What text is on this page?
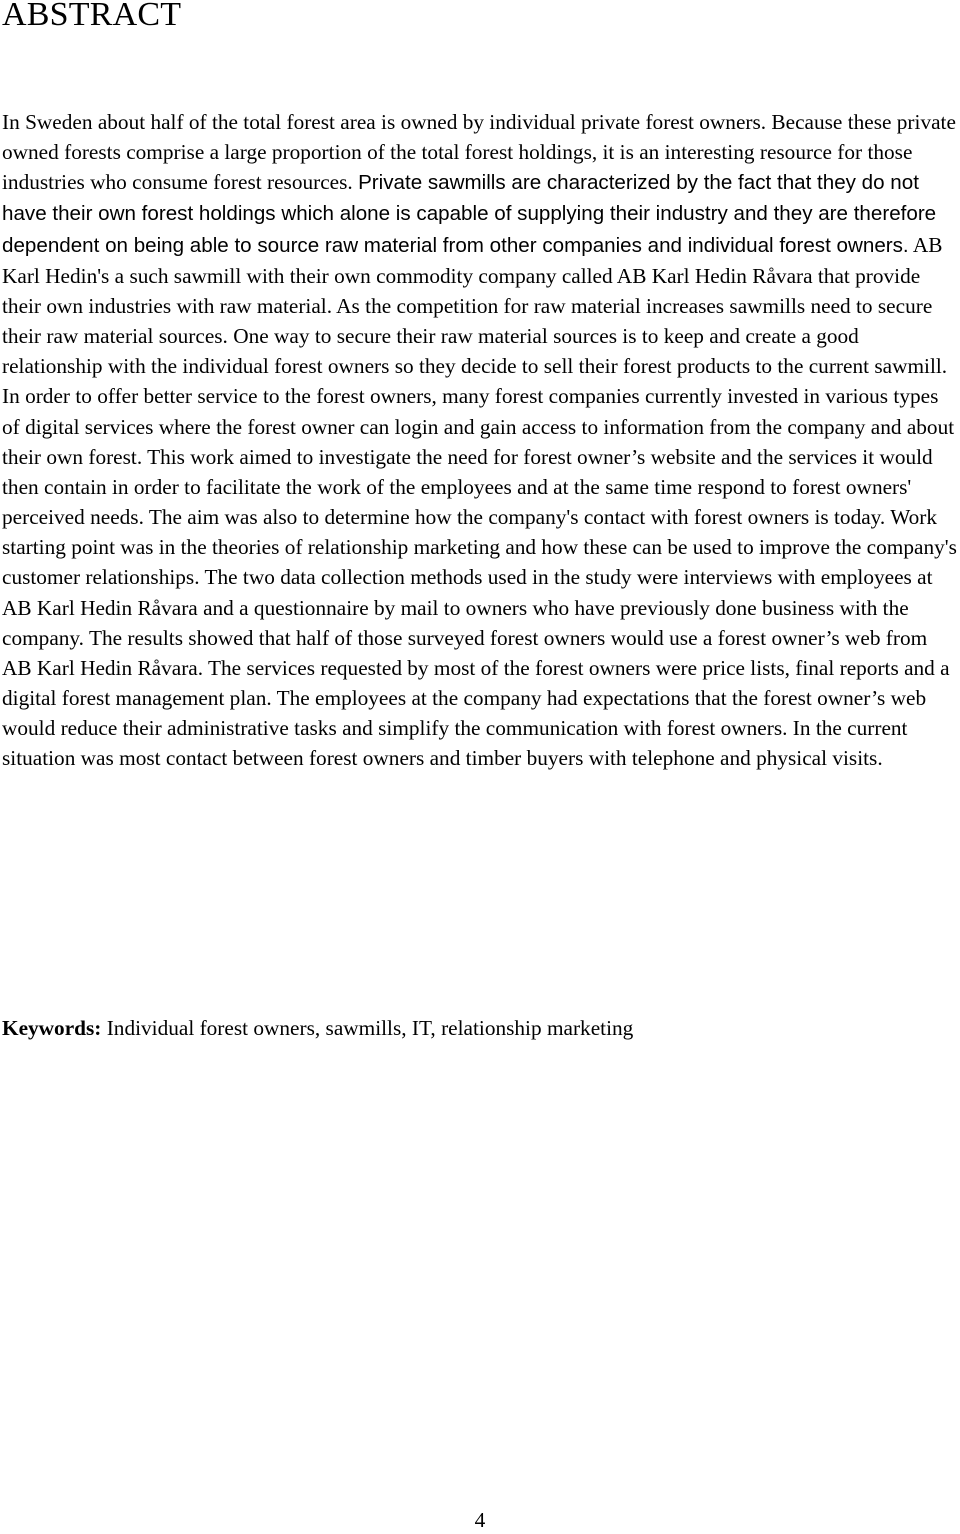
ABSTRACT

In Sweden about half of the total forest area is owned by individual private forest owners. Because these private owned forests comprise a large proportion of the total forest holdings, it is an interesting resource for those industries who consume forest resources. Private sawmills are characterized by the fact that they do not have their own forest holdings which alone is capable of supplying their industry and they are therefore dependent on being able to source raw material from other companies and individual forest owners. AB Karl Hedin's a such sawmill with their own commodity company called AB Karl Hedin Råvara that provide their own industries with raw material. As the competition for raw material increases sawmills need to secure their raw material sources. One way to secure their raw material sources is to keep and create a good relationship with the individual forest owners so they decide to sell their forest products to the current sawmill. In order to offer better service to the forest owners, many forest companies currently invested in various types of digital services where the forest owner can login and gain access to information from the company and about their own forest. This work aimed to investigate the need for forest owner’s website and the services it would then contain in order to facilitate the work of the employees and at the same time respond to forest owners' perceived needs. The aim was also to determine how the company's contact with forest owners is today. Work starting point was in the theories of relationship marketing and how these can be used to improve the company's customer relationships. The two data collection methods used in the study were interviews with employees at AB Karl Hedin Råvara and a questionnaire by mail to owners who have previously done business with the company. The results showed that half of those surveyed forest owners would use a forest owner’s web from AB Karl Hedin Råvara. The services requested by most of the forest owners were price lists, final reports and a digital forest management plan. The employees at the company had expectations that the forest owner’s web would reduce their administrative tasks and simplify the communication with forest owners. In the current situation was most contact between forest owners and timber buyers with telephone and physical visits.

Keywords: Individual forest owners, sawmills, IT, relationship marketing

4
